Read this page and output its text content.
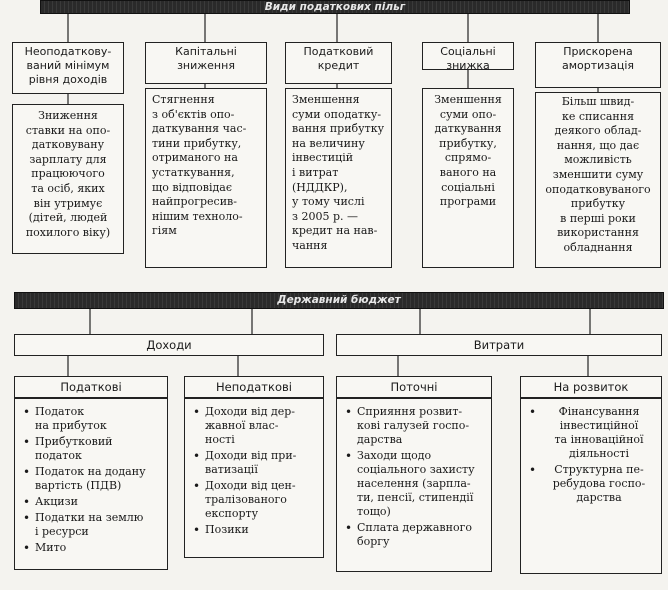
Види податкових пільг
Неоподаткову-
ваний мінімум
рівня доходів
Капітальні
зниження
Податковий
кредит
Соціальні
знижка
Прискорена
амортизація
Зниження
ставки на опо-
датковувану
зарплату для
працюючого
та осіб, яких
він утримує
(дітей, людей
похилого віку)
Стягнення
з об'єктів опо-
даткування час-
тини прибутку,
отриманого на
устаткування,
що відповідає
найпрогресив-
нішим техноло-
гіям
Зменшення
суми оподатку-
вання прибутку
на величину
інвестицій
і витрат
(НДДКР),
у тому числі
з 2005 р. —
кредит на нав-
чання
Зменшення
суми опо-
даткування
прибутку,
спрямо-
ваного на
соціальні
програми
Більш швид-
ке списання
деякого облад-
нання, що дає
можливість
зменшити суму
оподатковуваного
прибутку
в перші роки
використання
обладнання
Державний бюджет
Доходи	Витрати
Податкові	Неподаткові	Поточні	На розвиток
• Податок
на прибуток
• Прибутковий
податок
• Податок на додану
вартість (ПДВ)
• Акцизи
• Податки на землю
і ресурси
• Мито
• Доходи від дер-
жавної влас-
ності
• Доходи від при-
ватизації
• Доходи від цен-
тралізованого
експорту
• Позики
• Сприяння розвит-
кові галузей госпо-
дарства
• Заходи щодо
соціального захисту
населення (зарпла-
ти, пенсії, стипендії
тощо)
• Сплата державного
боргу
• Фінансування
інвестиційної
та інноваційної
діяльності
• Структурна пе-
ребудова госпо-
дарства
